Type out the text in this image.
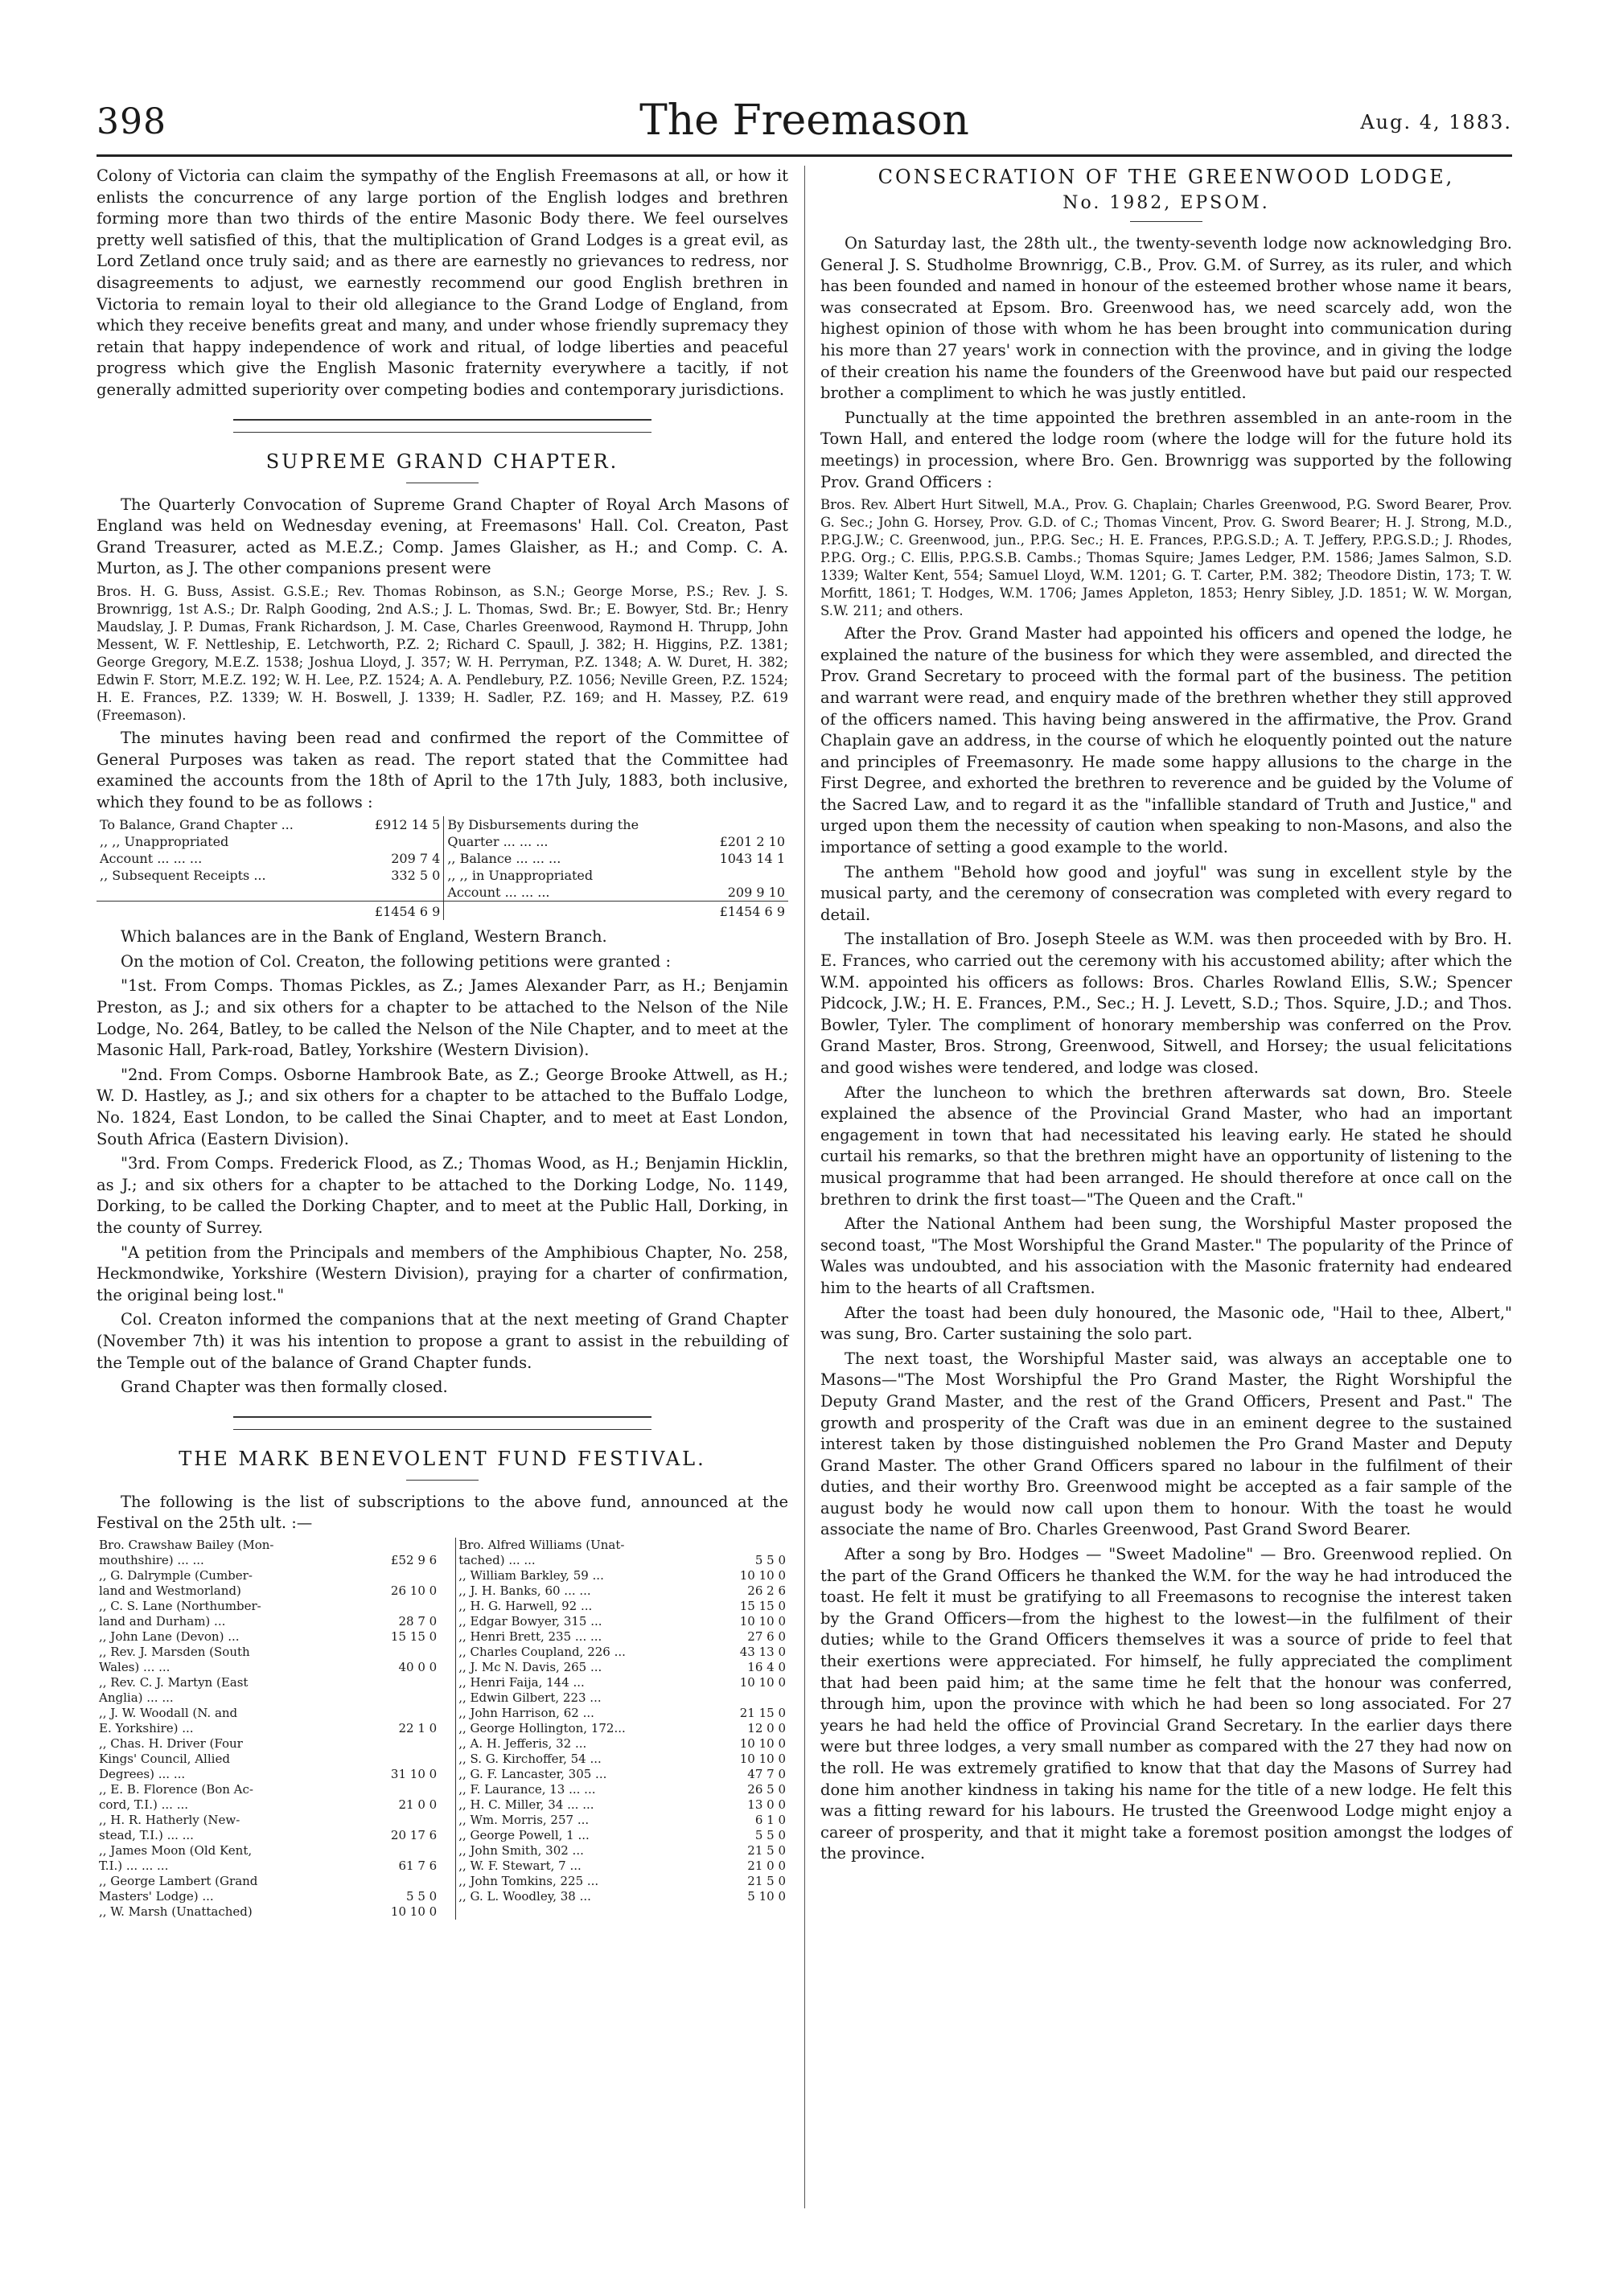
398	The Freemason	Aug. 4, 1883.

Colony of Victoria can claim the sympathy of the English Freemasons at all, or how it enlists the concurrence of any large portion of the English lodges and brethren forming more than two thirds of the entire Masonic Body there. We feel ourselves pretty well satisfied of this, that the multiplication of Grand Lodges is a great evil, as Lord Zetland once truly said; and as there are earnestly no grievances to redress, nor disagreements to adjust, we earnestly recommend our good English brethren in Victoria to remain loyal to their old allegiance to the Grand Lodge of England, from which they receive benefits great and many, and under whose friendly supremacy they retain that happy independence of work and ritual, of lodge liberties and peaceful progress which give the English Masonic fraternity everywhere a tacitly, if not generally admitted superiority over competing bodies and contemporary jurisdictions.

SUPREME GRAND CHAPTER.

The Quarterly Convocation of Supreme Grand Chapter of Royal Arch Masons of England was held on Wednesday evening, at Freemasons' Hall. Col. Creaton, Past Grand Treasurer, acted as M.E.Z.; Comp. James Glaisher, as H.; and Comp. C. A. Murton, as J. The other companions present were

Bros. H. G. Buss, Assist. G.S.E.; Rev. Thomas Robinson, as S.N.; George Morse, P.S.; Rev. J. S. Brownrigg, 1st A.S.; Dr. Ralph Gooding, 2nd A.S.; J. L. Thomas, Swd. Br.; E. Bowyer, Std. Br.; Henry Maudslay, J. P. Dumas, Frank Richardson, J. M. Case, Charles Greenwood, Raymond H. Thrupp, John Messent, W. F. Nettleship, E. Letchworth, P.Z. 2; Richard C. Spaull, J. 382; H. Higgins, P.Z. 1381; George Gregory, M.E.Z. 1538; Joshua Lloyd, J. 357; W. H. Perryman, P.Z. 1348; A. W. Duret, H. 382; Edwin F. Storr, M.E.Z. 192; W. H. Lee, P.Z. 1524; A. A. Pendlebury, P.Z. 1056; Neville Green, P.Z. 1524; H. E. Frances, P.Z. 1339; W. H. Boswell, J. 1339; H. Sadler, P.Z. 169; and H. Massey, P.Z. 619 (Freemason).

The minutes having been read and confirmed the report of the Committee of General Purposes was taken as read. The report stated that the Committee had examined the accounts from the 18th of April to the 17th July, 1883, both inclusive, which they found to be as follows :

To Balance, Grand Chapter ...	£912 14 5	By Disbursements during the	
,, ,, Unappropriated		Quarter ... ... ...	£201 2 10
Account ... ... ...	209 7 4	,, Balance ... ... ...	1043 14 1
,, Subsequent Receipts ...	332 5 0	,, ,, in Unappropriated	
		Account ... ... ...	209 9 10
	£1454 6 9		£1454 6 9

Which balances are in the Bank of England, Western Branch.

On the motion of Col. Creaton, the following petitions were granted :

"1st. From Comps. Thomas Pickles, as Z.; James Alexander Parr, as H.; Benjamin Preston, as J.; and six others for a chapter to be attached to the Nelson of the Nile Lodge, No. 264, Batley, to be called the Nelson of the Nile Chapter, and to meet at the Masonic Hall, Park-road, Batley, Yorkshire (Western Division).

"2nd. From Comps. Osborne Hambrook Bate, as Z.; George Brooke Attwell, as H.; W. D. Hastley, as J.; and six others for a chapter to be attached to the Buffalo Lodge, No. 1824, East London, to be called the Sinai Chapter, and to meet at East London, South Africa (Eastern Division).

"3rd. From Comps. Frederick Flood, as Z.; Thomas Wood, as H.; Benjamin Hicklin, as J.; and six others for a chapter to be attached to the Dorking Lodge, No. 1149, Dorking, to be called the Dorking Chapter, and to meet at the Public Hall, Dorking, in the county of Surrey.

"A petition from the Principals and members of the Amphibious Chapter, No. 258, Heckmondwike, Yorkshire (Western Division), praying for a charter of confirmation, the original being lost."

Col. Creaton informed the companions that at the next meeting of Grand Chapter (November 7th) it was his intention to propose a grant to assist in the rebuilding of the Temple out of the balance of Grand Chapter funds.

Grand Chapter was then formally closed.

THE MARK BENEVOLENT FUND FESTIVAL.

The following is the list of subscriptions to the above fund, announced at the Festival on the 25th ult. :—

Bro. Crawshaw Bailey (Mon-			Bro. Alfred Williams (Unat-	
mouthshire) ... ...	£52 9 6		tached) ... ...	5 5 0
,, G. Dalrymple (Cumber-			,, William Barkley, 59 ...	10 10 0
land and Westmorland)	26 10 0		,, J. H. Banks, 60 ... ...	26 2 6
,, C. S. Lane (Northumber-			,, H. G. Harwell, 92 ...	15 15 0
land and Durham) ...	28 7 0		,, Edgar Bowyer, 315 ...	10 10 0
,, John Lane (Devon) ...	15 15 0		,, Henri Brett, 235 ... ...	27 6 0
,, Rev. J. Marsden (South			,, Charles Coupland, 226 ...	43 13 0
Wales) ... ...	40 0 0		,, J. Mc N. Davis, 265 ...	16 4 0
,, Rev. C. J. Martyn (East			,, Henri Faija, 144 ...	10 10 0
Anglia) ... ...			,, Edwin Gilbert, 223 ...	
,, J. W. Woodall (N. and			,, John Harrison, 62 ...	21 15 0
E. Yorkshire) ...	22 1 0		,, George Hollington, 172...	12 0 0
,, Chas. H. Driver (Four			,, A. H. Jefferis, 32 ...	10 10 0
Kings' Council, Allied			,, S. G. Kirchoffer, 54 ...	10 10 0
Degrees) ... ...	31 10 0		,, G. F. Lancaster, 305 ...	47 7 0
,, E. B. Florence (Bon Ac-			,, F. Laurance, 13 ... ...	26 5 0
cord, T.I.) ... ...	21 0 0		,, H. C. Miller, 34 ... ...	13 0 0
,, H. R. Hatherly (New-			,, Wm. Morris, 257 ...	6 1 0
stead, T.I.) ... ...	20 17 6		,, George Powell, 1 ...	5 5 0
,, James Moon (Old Kent,			,, John Smith, 302 ...	21 5 0
T.I.) ... ... ...	61 7 6		,, W. F. Stewart, 7 ...	21 0 0
,, George Lambert (Grand			,, John Tomkins, 225 ...	21 5 0
Masters' Lodge) ...	5 5 0		,, G. L. Woodley, 38 ...	5 10 0
,, W. Marsh (Unattached)	10 10 0			
CONSECRATION OF THE GREENWOOD LODGE,
No. 1982, EPSOM.

On Saturday last, the 28th ult., the twenty-seventh lodge now acknowledging Bro. General J. S. Studholme Brownrigg, C.B., Prov. G.M. of Surrey, as its ruler, and which has been founded and named in honour of the esteemed brother whose name it bears, was consecrated at Epsom. Bro. Greenwood has, we need scarcely add, won the highest opinion of those with whom he has been brought into communication during his more than 27 years' work in connection with the province, and in giving the lodge of their creation his name the founders of the Greenwood have but paid our respected brother a compliment to which he was justly entitled.

Punctually at the time appointed the brethren assembled in an ante-room in the Town Hall, and entered the lodge room (where the lodge will for the future hold its meetings) in procession, where Bro. Gen. Brownrigg was supported by the following Prov. Grand Officers :

Bros. Rev. Albert Hurt Sitwell, M.A., Prov. G. Chaplain; Charles Greenwood, P.G. Sword Bearer, Prov. G. Sec.; John G. Horsey, Prov. G.D. of C.; Thomas Vincent, Prov. G. Sword Bearer; H. J. Strong, M.D., P.P.G.J.W.; C. Greenwood, jun., P.P.G. Sec.; H. E. Frances, P.P.G.S.D.; A. T. Jeffery, P.P.G.S.D.; J. Rhodes, P.P.G. Org.; C. Ellis, P.P.G.S.B. Cambs.; Thomas Squire; James Ledger, P.M. 1586; James Salmon, S.D. 1339; Walter Kent, 554; Samuel Lloyd, W.M. 1201; G. T. Carter, P.M. 382; Theodore Distin, 173; T. W. Morfitt, 1861; T. Hodges, W.M. 1706; James Appleton, 1853; Henry Sibley, J.D. 1851; W. W. Morgan, S.W. 211; and others.

After the Prov. Grand Master had appointed his officers and opened the lodge, he explained the nature of the business for which they were assembled, and directed the Prov. Grand Secretary to proceed with the formal part of the business. The petition and warrant were read, and enquiry made of the brethren whether they still approved of the officers named. This having being answered in the affirmative, the Prov. Grand Chaplain gave an address, in the course of which he eloquently pointed out the nature and principles of Freemasonry. He made some happy allusions to the charge in the First Degree, and exhorted the brethren to reverence and be guided by the Volume of the Sacred Law, and to regard it as the "infallible standard of Truth and Justice," and urged upon them the necessity of caution when speaking to non-Masons, and also the importance of setting a good example to the world.

The anthem "Behold how good and joyful" was sung in excellent style by the musical party, and the ceremony of consecration was completed with every regard to detail.

The installation of Bro. Joseph Steele as W.M. was then proceeded with by Bro. H. E. Frances, who carried out the ceremony with his accustomed ability; after which the W.M. appointed his officers as follows: Bros. Charles Rowland Ellis, S.W.; Spencer Pidcock, J.W.; H. E. Frances, P.M., Sec.; H. J. Levett, S.D.; Thos. Squire, J.D.; and Thos. Bowler, Tyler. The compliment of honorary membership was conferred on the Prov. Grand Master, Bros. Strong, Greenwood, Sitwell, and Horsey; the usual felicitations and good wishes were tendered, and lodge was closed.

After the luncheon to which the brethren afterwards sat down, Bro. Steele explained the absence of the Provincial Grand Master, who had an important engagement in town that had necessitated his leaving early. He stated he should curtail his remarks, so that the brethren might have an opportunity of listening to the musical programme that had been arranged. He should therefore at once call on the brethren to drink the first toast—"The Queen and the Craft."

After the National Anthem had been sung, the Worshipful Master proposed the second toast, "The Most Worshipful the Grand Master." The popularity of the Prince of Wales was undoubted, and his association with the Masonic fraternity had endeared him to the hearts of all Craftsmen.

After the toast had been duly honoured, the Masonic ode, "Hail to thee, Albert," was sung, Bro. Carter sustaining the solo part.

The next toast, the Worshipful Master said, was always an acceptable one to Masons—"The Most Worshipful the Pro Grand Master, the Right Worshipful the Deputy Grand Master, and the rest of the Grand Officers, Present and Past." The growth and prosperity of the Craft was due in an eminent degree to the sustained interest taken by those distinguished noblemen the Pro Grand Master and Deputy Grand Master. The other Grand Officers spared no labour in the fulfilment of their duties, and their worthy Bro. Greenwood might be accepted as a fair sample of the august body he would now call upon them to honour. With the toast he would associate the name of Bro. Charles Greenwood, Past Grand Sword Bearer.

After a song by Bro. Hodges — "Sweet Madoline" — Bro. Greenwood replied. On the part of the Grand Officers he thanked the W.M. for the way he had introduced the toast. He felt it must be gratifying to all Freemasons to recognise the interest taken by the Grand Officers—from the highest to the lowest—in the fulfilment of their duties; while to the Grand Officers themselves it was a source of pride to feel that their exertions were appreciated. For himself, he fully appreciated the compliment that had been paid him; at the same time he felt that the honour was conferred, through him, upon the province with which he had been so long associated. For 27 years he had held the office of Provincial Grand Secretary. In the earlier days there were but three lodges, a very small number as compared with the 27 they had now on the roll. He was extremely gratified to know that that day the Masons of Surrey had done him another kindness in taking his name for the title of a new lodge. He felt this was a fitting reward for his labours. He trusted the Greenwood Lodge might enjoy a career of prosperity, and that it might take a foremost position amongst the lodges of the province.
